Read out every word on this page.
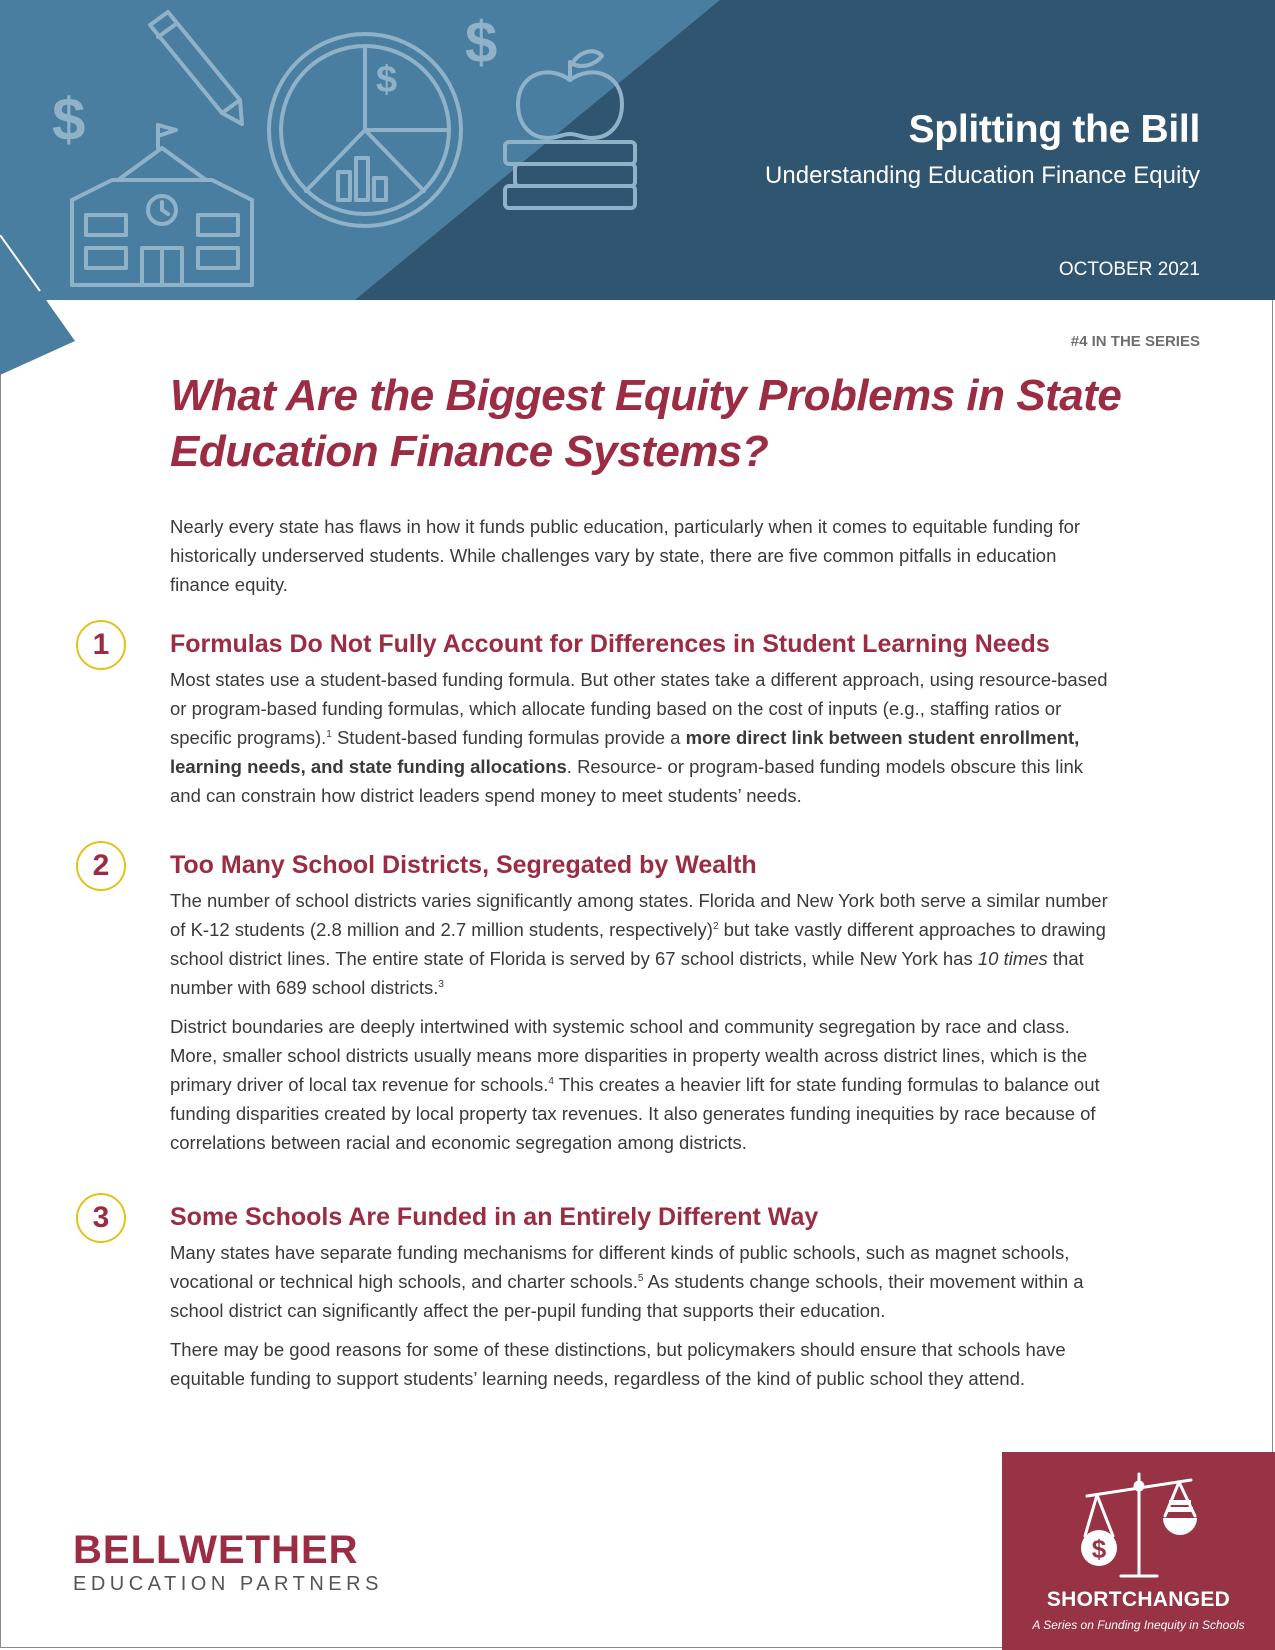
$
$
$
Splitting the Bill
Understanding Education Finance Equity
OCTOBER 2021
#4 IN THE SERIES
What Are the Biggest Equity Problems in State Education Finance Systems?

Nearly every state has flaws in how it funds public education, particularly when it comes to equitable funding for historically underserved students. While challenges vary by state, there are five common pitfalls in education finance equity.

1	Formulas Do Not Fully Account for Differences in Student Learning Needs

Most states use a student-based funding formula. But other states take a different approach, using resource-based or program-based funding formulas, which allocate funding based on the cost of inputs (e.g., staffing ratios or specific programs).$^1$ Student-based funding formulas provide a more direct link between student enrollment, learning needs, and state funding allocations. Resource- or program-based funding models obscure this link and can constrain how district leaders spend money to meet students’ needs.

2	Too Many School Districts, Segregated by Wealth

The number of school districts varies significantly among states. Florida and New York both serve a similar number of K-12 students (2.8 million and 2.7 million students, respectively)$^2$ but take vastly different approaches to drawing school district lines. The entire state of Florida is served by 67 school districts, while New York has 10 times that number with 689 school districts.$^3$

District boundaries are deeply intertwined with systemic school and community segregation by race and class. More, smaller school districts usually means more disparities in property wealth across district lines, which is the primary driver of local tax revenue for schools.$^4$ This creates a heavier lift for state funding formulas to balance out funding disparities created by local property tax revenues. It also generates funding inequities by race because of correlations between racial and economic segregation among districts.

3	Some Schools Are Funded in an Entirely Different Way

Many states have separate funding mechanisms for different kinds of public schools, such as magnet schools, vocational or technical high schools, and charter schools.$^5$ As students change schools, their movement within a school district can significantly affect the per-pupil funding that supports their education.

There may be good reasons for some of these distinctions, but policymakers should ensure that schools have equitable funding to support students’ learning needs, regardless of the kind of public school they attend.

BELLWETHER
EDUCATION PARTNERS
$
SHORTCHANGED
A Series on Funding Inequity in Schools
